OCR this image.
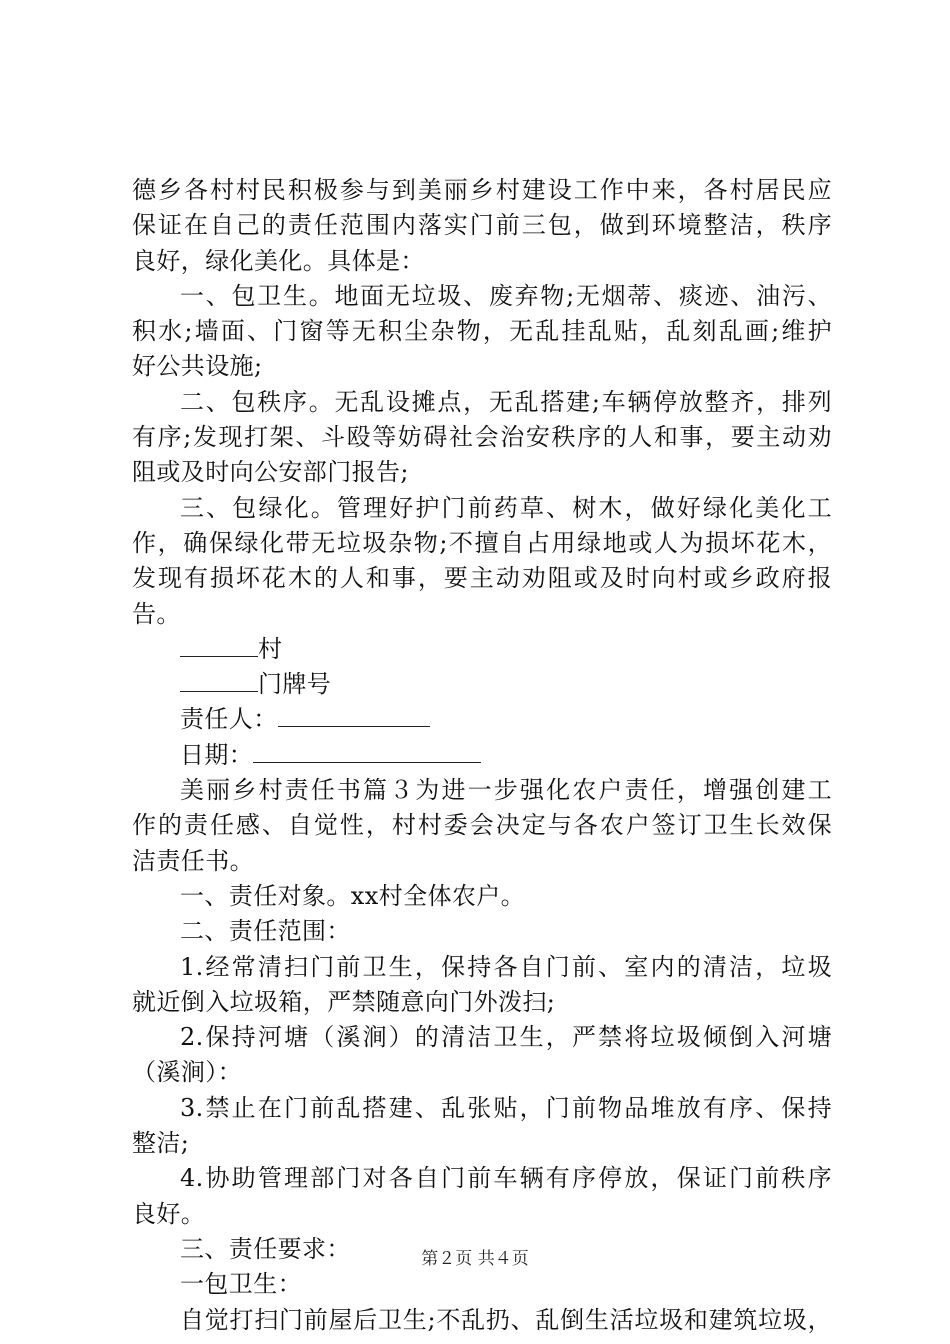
德乡各村村民积极参与到美丽乡村建设工作中来，各村居民应
保证在自己的责任范围内落实门前三包，做到环境整洁，秩序
良好，绿化美化。具体是：
一、包卫生。地面无垃圾、废弃物;无烟蒂、痰迹、油污、
积水;墙面、门窗等无积尘杂物，无乱挂乱贴，乱刻乱画;维护
好公共设施;
二、包秩序。无乱设摊点，无乱搭建;车辆停放整齐，排列
有序;发现打架、斗殴等妨碍社会治安秩序的人和事，要主动劝
阻或及时向公安部门报告;
三、包绿化。管理好护门前药草、树木，做好绿化美化工
作，确保绿化带无垃圾杂物;不擅自占用绿地或人为损坏花木，
发现有损坏花木的人和事，要主动劝阻或及时向村或乡政府报
告。
村
门牌号
责任人：
日期：
美丽乡村责任书篇３为进一步强化农户责任，增强创建工
作的责任感、自觉性，村村委会决定与各农户签订卫生长效保
洁责任书。
一、责任对象。xx村全体农户。
二、责任范围：
1.经常清扫门前卫生，保持各自门前、室内的清洁，垃圾
就近倒入垃圾箱，严禁随意向门外泼扫;
2.保持河塘（溪涧）的清洁卫生，严禁将垃圾倾倒入河塘
（溪涧）：
3.禁止在门前乱搭建、乱张贴，门前物品堆放有序、保持
整洁;
4.协助管理部门对各自门前车辆有序停放，保证门前秩序
良好。
三、责任要求：
一包卫生：
自觉打扫门前屋后卫生;不乱扔、乱倒生活垃圾和建筑垃圾，
第２页 共４页
